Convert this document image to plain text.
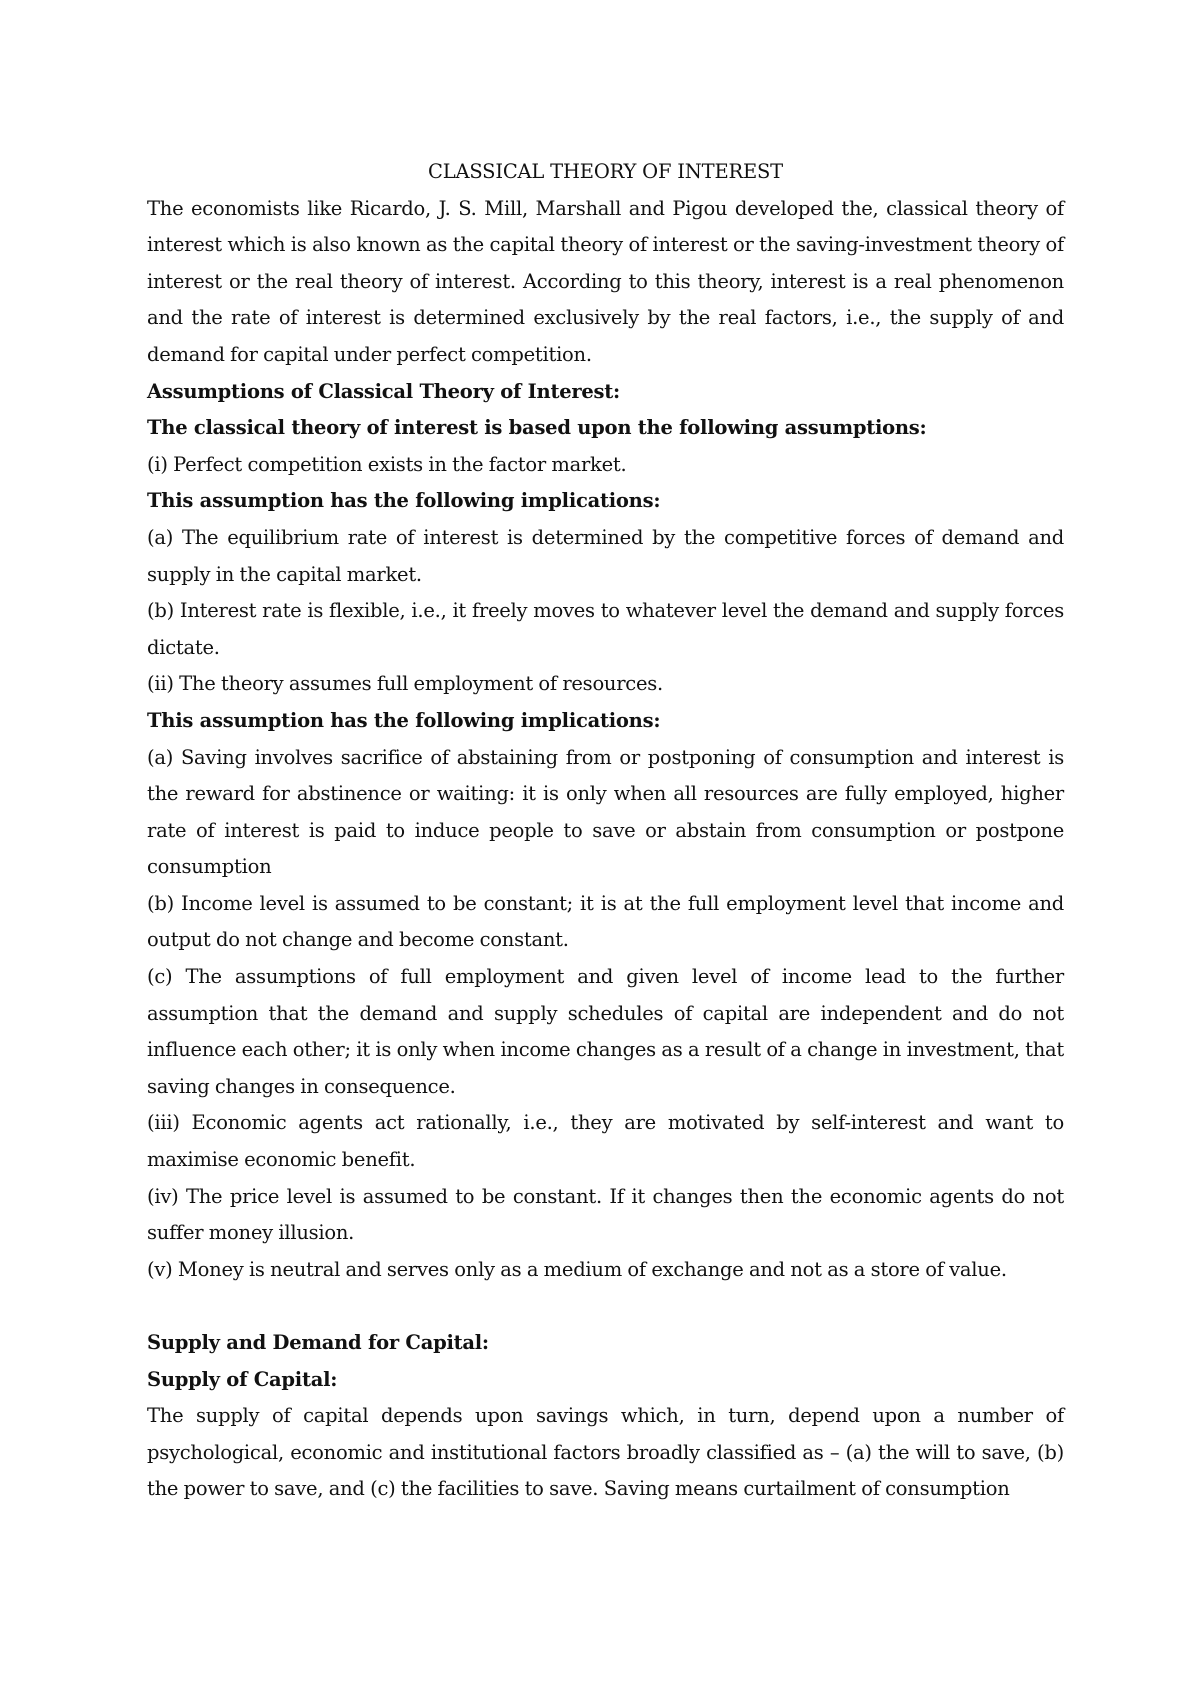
CLASSICAL THEORY OF INTEREST

The economists like Ricardo, J. S. Mill, Marshall and Pigou developed the, classical theory of interest which is also known as the capital theory of interest or the saving-investment theory of interest or the real theory of interest. According to this theory, interest is a real phenomenon and the rate of interest is determined exclusively by the real factors, i.e., the supply of and demand for capital under perfect competition.

Assumptions of Classical Theory of Interest:

The classical theory of interest is based upon the following assumptions:

(i) Perfect competition exists in the factor market.

This assumption has the following implications:

(a) The equilibrium rate of interest is determined by the competitive forces of demand and supply in the capital market.

(b) Interest rate is flexible, i.e., it freely moves to whatever level the demand and supply forces dictate.

(ii) The theory assumes full employment of resources.

This assumption has the following implications:

(a) Saving involves sacrifice of abstaining from or postponing of consumption and interest is the reward for abstinence or waiting: it is only when all resources are fully employed, higher rate of interest is paid to induce people to save or abstain from consumption or postpone consumption

(b) Income level is assumed to be constant; it is at the full employment level that income and output do not change and become constant.

(c) The assumptions of full employment and given level of income lead to the further assumption that the demand and supply schedules of capital are independent and do not influence each other; it is only when income changes as a result of a change in investment, that saving changes in consequence.

(iii) Economic agents act rationally, i.e., they are motivated by self-interest and want to maximise economic benefit.

(iv) The price level is assumed to be constant. If it changes then the economic agents do not suffer money illusion.

(v) Money is neutral and serves only as a medium of exchange and not as a store of value.

Supply and Demand for Capital:

Supply of Capital:

The supply of capital depends upon savings which, in turn, depend upon a number of psychological, economic and institutional factors broadly classified as – (a) the will to save, (b) the power to save, and (c) the facilities to save. Saving means curtailment of consumption
